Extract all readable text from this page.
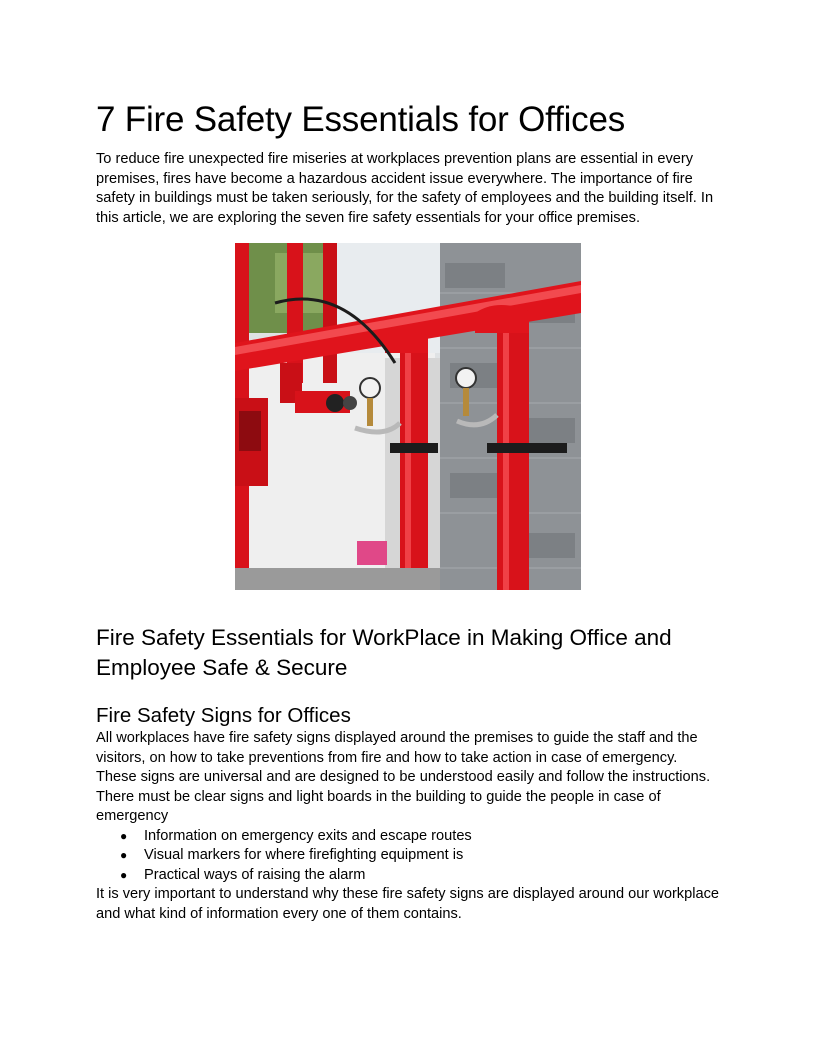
7 Fire Safety Essentials for Offices

To reduce fire unexpected fire miseries at workplaces prevention plans are essential in every premises, fires have become a hazardous accident issue everywhere. The importance of fire safety in buildings must be taken seriously, for the safety of employees and the building itself. In this article, we are exploring the seven fire safety essentials for your office premises.

Fire Safety Essentials for WorkPlace in Making Office and Employee Safe & Secure
Fire Safety Signs for Offices

All workplaces have fire safety signs displayed around the premises to guide the staff and the visitors, on how to take preventions from fire and how to take action in case of emergency. These signs are universal and are designed to be understood easily and follow the instructions. There must be clear signs and light boards in the building to guide the people in case of emergency

● Information on emergency exits and escape routes
● Visual markers for where firefighting equipment is
● Practical ways of raising the alarm

It is very important to understand why these fire safety signs are displayed around our workplace and what kind of information every one of them contains.
